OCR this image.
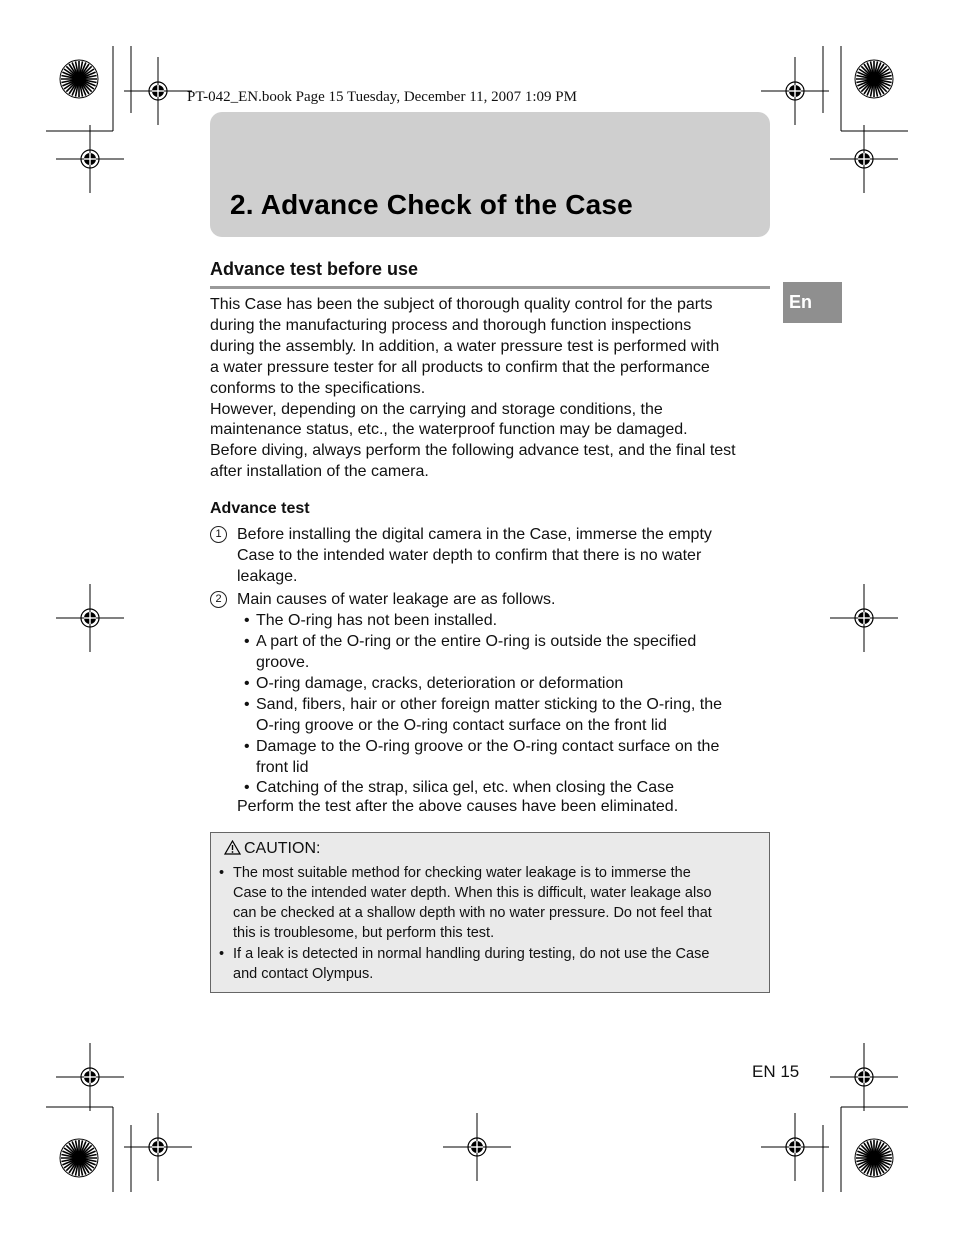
PT-042_EN.book Page 15 Tuesday, December 11, 2007 1:09 PM
2. Advance Check of the Case
Advance test before use
En
This Case has been the subject of thorough quality control for the parts
during the manufacturing process and thorough function inspections
during the assembly. In addition, a water pressure test is performed with
a water pressure tester for all products to confirm that the performance
conforms to the specifications.
However, depending on the carrying and storage conditions, the
maintenance status, etc., the waterproof function may be damaged.
Before diving, always perform the following advance test, and the final test
after installation of the camera.
Advance test
1 Before installing the digital camera in the Case, immerse the empty
Case to the intended water depth to confirm that there is no water
leakage.
2 Main causes of water leakage are as follows.
• The O-ring has not been installed.
• A part of the O-ring or the entire O-ring is outside the specified
groove.
• O-ring damage, cracks, deterioration or deformation
• Sand, fibers, hair or other foreign matter sticking to the O-ring, the
O-ring groove or the O-ring contact surface on the front lid
• Damage to the O-ring groove or the O-ring contact surface on the
front lid
• Catching of the strap, silica gel, etc. when closing the Case
Perform the test after the above causes have been eliminated.
CAUTION:
• The most suitable method for checking water leakage is to immerse the
Case to the intended water depth. When this is difficult, water leakage also
can be checked at a shallow depth with no water pressure. Do not feel that
this is troublesome, but perform this test.
• If a leak is detected in normal handling during testing, do not use the Case
and contact Olympus.
EN 15
